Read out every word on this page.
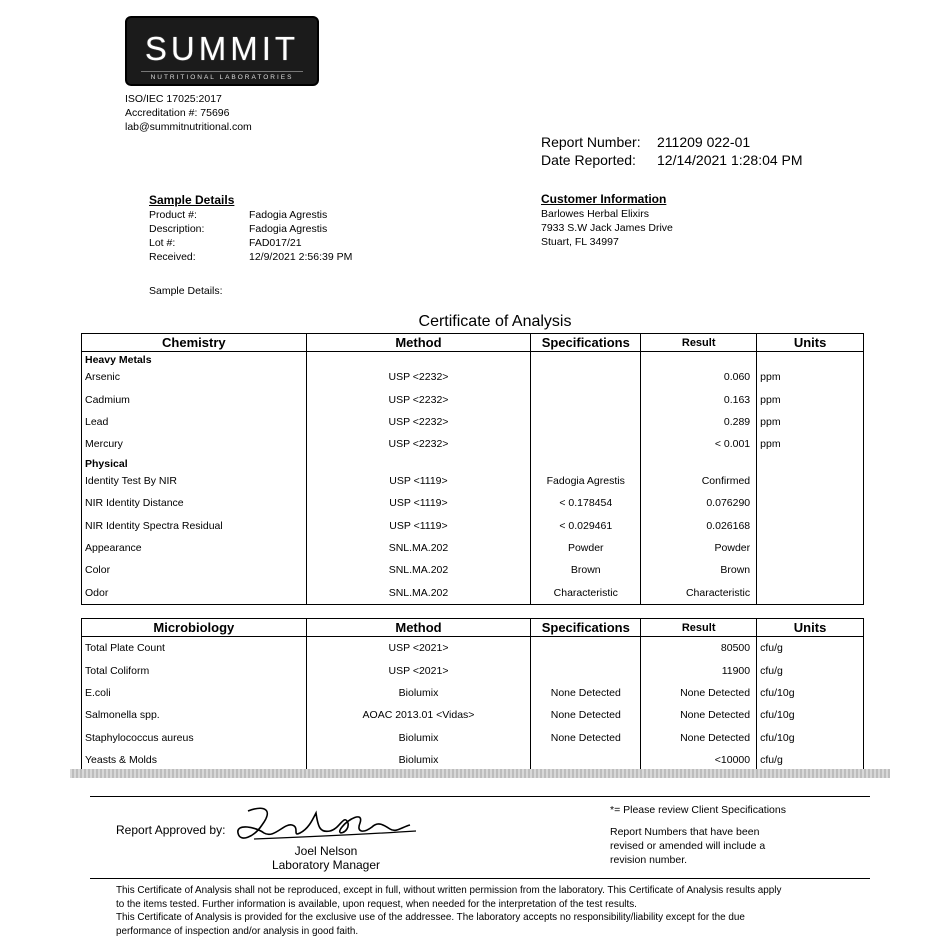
SUMMIT
NUTRITIONAL LABORATORIES
ISO/IEC 17025:2017
Accreditation #: 75696
lab@summitnutritional.com
Report Number:	211209 022-01
Date Reported:	12/14/2021 1:28:04 PM
Sample Details
Product #:	Fadogia Agrestis
Description:	Fadogia Agrestis
Lot #:	FAD017/21
Received:	12/9/2021 2:56:39 PM
Sample Details:
Customer Information
Barlowes Herbal Elixirs
7933 S.W Jack James Drive
Stuart, FL 34997
Certificate of Analysis
Chemistry	Method	Specifications	Result	Units
Heavy Metals				
Arsenic	USP <2232>		0.060	ppm
Cadmium	USP <2232>		0.163	ppm
Lead	USP <2232>		0.289	ppm
Mercury	USP <2232>		< 0.001	ppm
Physical				
Identity Test By NIR	USP <1119>	Fadogia Agrestis	Confirmed	
NIR Identity Distance	USP <1119>	< 0.178454	0.076290	
NIR Identity Spectra Residual	USP <1119>	< 0.029461	0.026168	
Appearance	SNL.MA.202	Powder	Powder	
Color	SNL.MA.202	Brown	Brown	
Odor	SNL.MA.202	Characteristic	Characteristic	
Microbiology	Method	Specifications	Result	Units
Total Plate Count	USP <2021>		80500	cfu/g
Total Coliform	USP <2021>		11900	cfu/g
E.coli	Biolumix	None Detected	None Detected	cfu/10g
Salmonella spp.	AOAC 2013.01 <Vidas>	None Detected	None Detected	cfu/10g
Staphylococcus aureus	Biolumix	None Detected	None Detected	cfu/10g
Yeasts & Molds	Biolumix		<10000	cfu/g
Report Approved by:
Joel Nelson
Laboratory Manager
*= Please review Client Specifications
Report Numbers that have been
revised or amended will include a
revision number.
This Certificate of Analysis shall not be reproduced, except in full, without written permission from the laboratory. This Certificate of Analysis results apply
to the items tested. Further information is available, upon request, when needed for the interpretation of the test results.
This Certificate of Analysis is provided for the exclusive use of the addressee. The laboratory accepts no responsibility/liability except for the due
performance of inspection and/or analysis in good faith.
